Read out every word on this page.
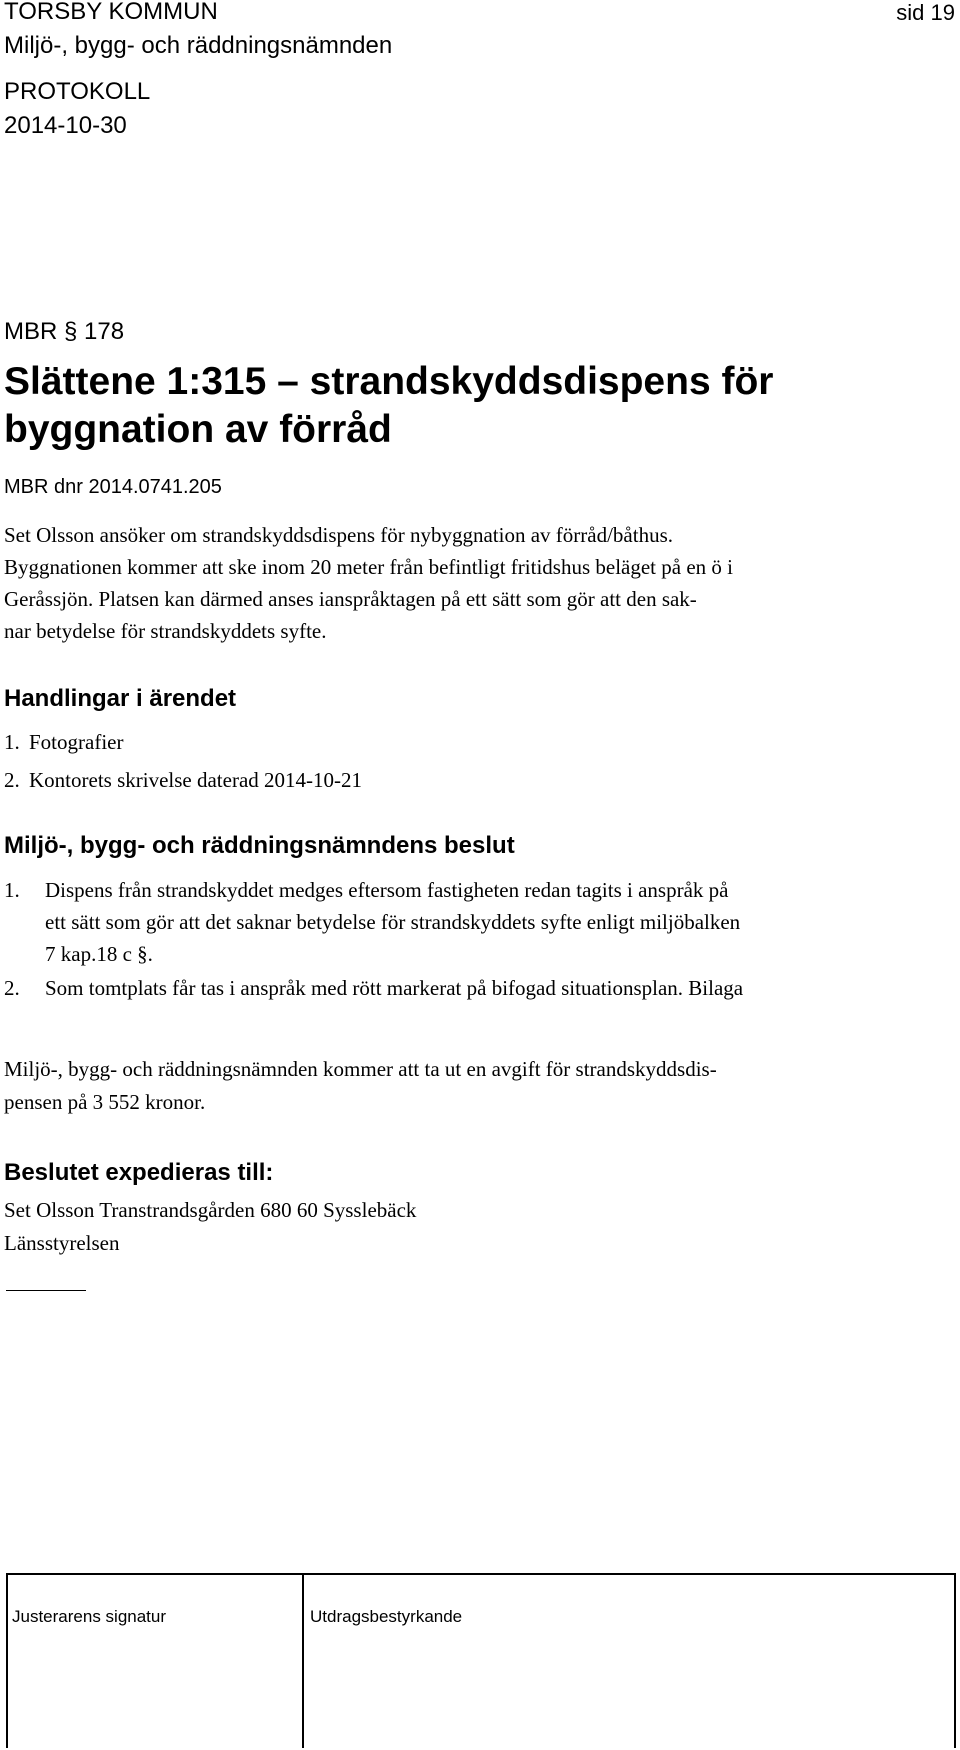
TORSBY KOMMUN
Miljö-, bygg- och räddningsnämnden
PROTOKOLL
2014-10-30
sid 19
MBR § 178
Slättene 1:315 – strandskyddsdispens för
byggnation av förråd
MBR dnr 2014.0741.205
Set Olsson ansöker om strandskyddsdispens för nybyggnation av förråd/båthus.
Byggnationen kommer att ske inom 20 meter från befintligt fritidshus beläget på en ö i
Geråssjön. Platsen kan därmed anses ianspråktagen på ett sätt som gör att den sak-
nar betydelse för strandskyddets syfte.
Handlingar i ärendet
1. Fotografier
2. Kontorets skrivelse daterad 2014-10-21
Miljö-, bygg- och räddningsnämndens beslut
1. Dispens från strandskyddet medges eftersom fastigheten redan tagits i anspråk på
ett sätt som gör att det saknar betydelse för strandskyddets syfte enligt miljöbalken
7 kap.18 c §.
2. Som tomtplats får tas i anspråk med rött markerat på bifogad situationsplan. Bilaga
Miljö-, bygg- och räddningsnämnden kommer att ta ut en avgift för strandskyddsdis-
pensen på 3 552 kronor.
Beslutet expedieras till:
Set Olsson Transtrandsgården 680 60 Sysslebäck
Länsstyrelsen
Justerarens signatur	Utdragsbestyrkande
